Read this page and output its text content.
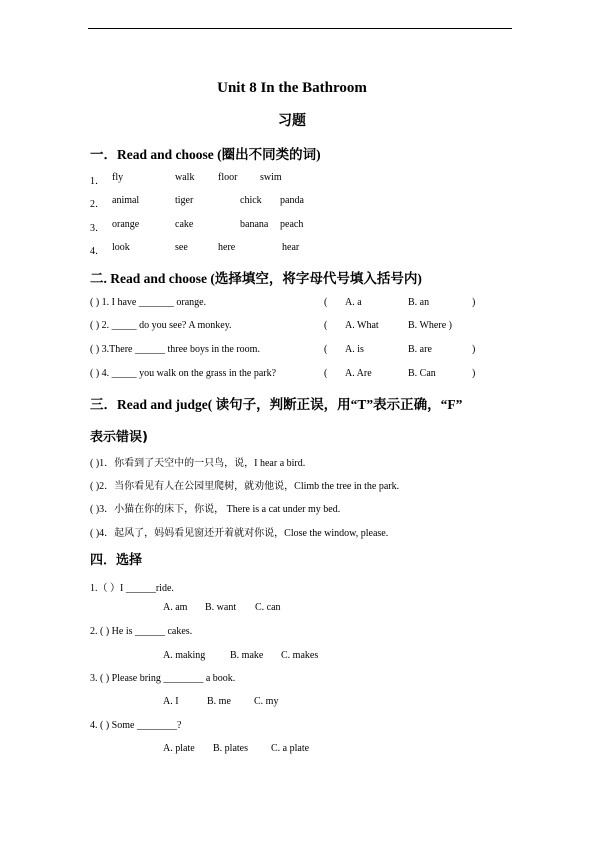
Unit 8 In the Bathroom
习题
一．Read and choose (圈出不同类的词)
1． fly	walk floor swim
2． animal	tiger	chick panda
3． orange	cake	banana peach
4． look	see	here	hear
二. Read and choose (选择填空，将字母代号填入括号内)
( ) 1. I have _______ orange.	( A. a	B. an	)
( ) 2. _____ do you see? A monkey.	( A. What	B. Where )
( ) 3.There ______ three boys in the room.	( A. is	B. are	)
( ) 4. _____ you walk on the grass in the park?	( A. Are	B. Can	)
三．Read and judge( 读句子，判断正误，用“T”表示正确，“F”
表示错误)
( )1．你看到了天空中的一只鸟，说，I hear a bird.
( )2．当你看见有人在公园里爬树，就劝他说，Climb the tree in the park.
( )3．小猫在你的床下，你说， There is a cat under my bed.
( )4．起风了，妈妈看见窗还开着就对你说，Close the window, please.
四．选择
1.（ ）I ______ride.
A. am B. want C. can
2. ( ) He is ______ cakes.
A. making B. make C. makes
3. ( ) Please bring ________ a book.
A. I	B. me C. my
4. ( ) Some ________?
A. plate B. plates C. a plate
